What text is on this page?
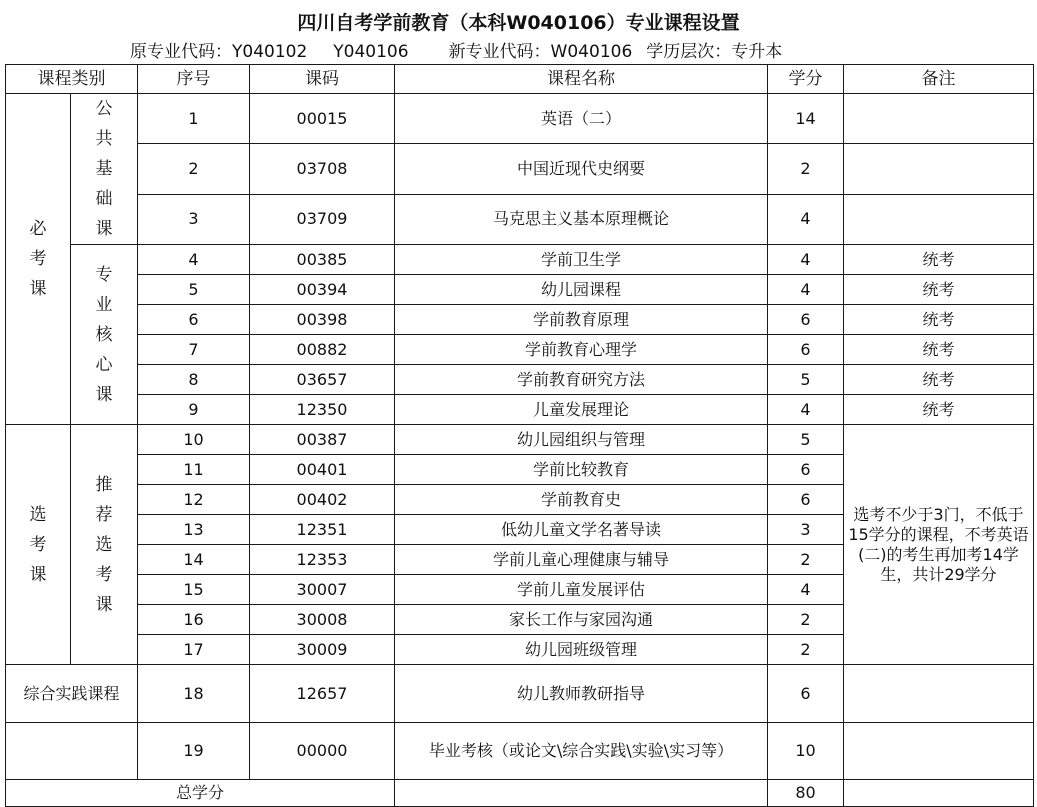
四川自考学前教育（本科W040106）专业课程设置
原专业代码：Y040102 Y040106 新专业代码：W040106 学历层次：专升本
课程类别		序号	课码	课程名称	学分	备注
必考课	公共基础课	1	00015	英语（二）	14	
		2	03708	中国近现代史纲要	2	
		3	03709	马克思主义基本原理概论	4	
	专业核心课	4	00385	学前卫生学	4	统考
		5	00394	幼儿园课程	4	统考
		6	00398	学前教育原理	6	统考
		7	00882	学前教育心理学	6	统考
		8	03657	学前教育研究方法	5	统考
		9	12350	儿童发展理论	4	统考
选考课	推荐选考课	10	00387	幼儿园组织与管理	5	选考不少于3门，不低于15学分的课程，不考英语(二)的考生再加考14学生，共计29学分
		11	00401	学前比较教育	6	
		12	00402	学前教育史	6	
		13	12351	低幼儿童文学名著导读	3	
		14	12353	学前儿童心理健康与辅导	2	
		15	30007	学前儿童发展评估	4	
		16	30008	家长工作与家园沟通	2	
		17	30009	幼儿园班级管理	2	
综合实践课程		18	12657	幼儿教师教研指导	6	
		19	00000	毕业考核（或论文\综合实践\实验\实习等）	10	
总学分					80	
